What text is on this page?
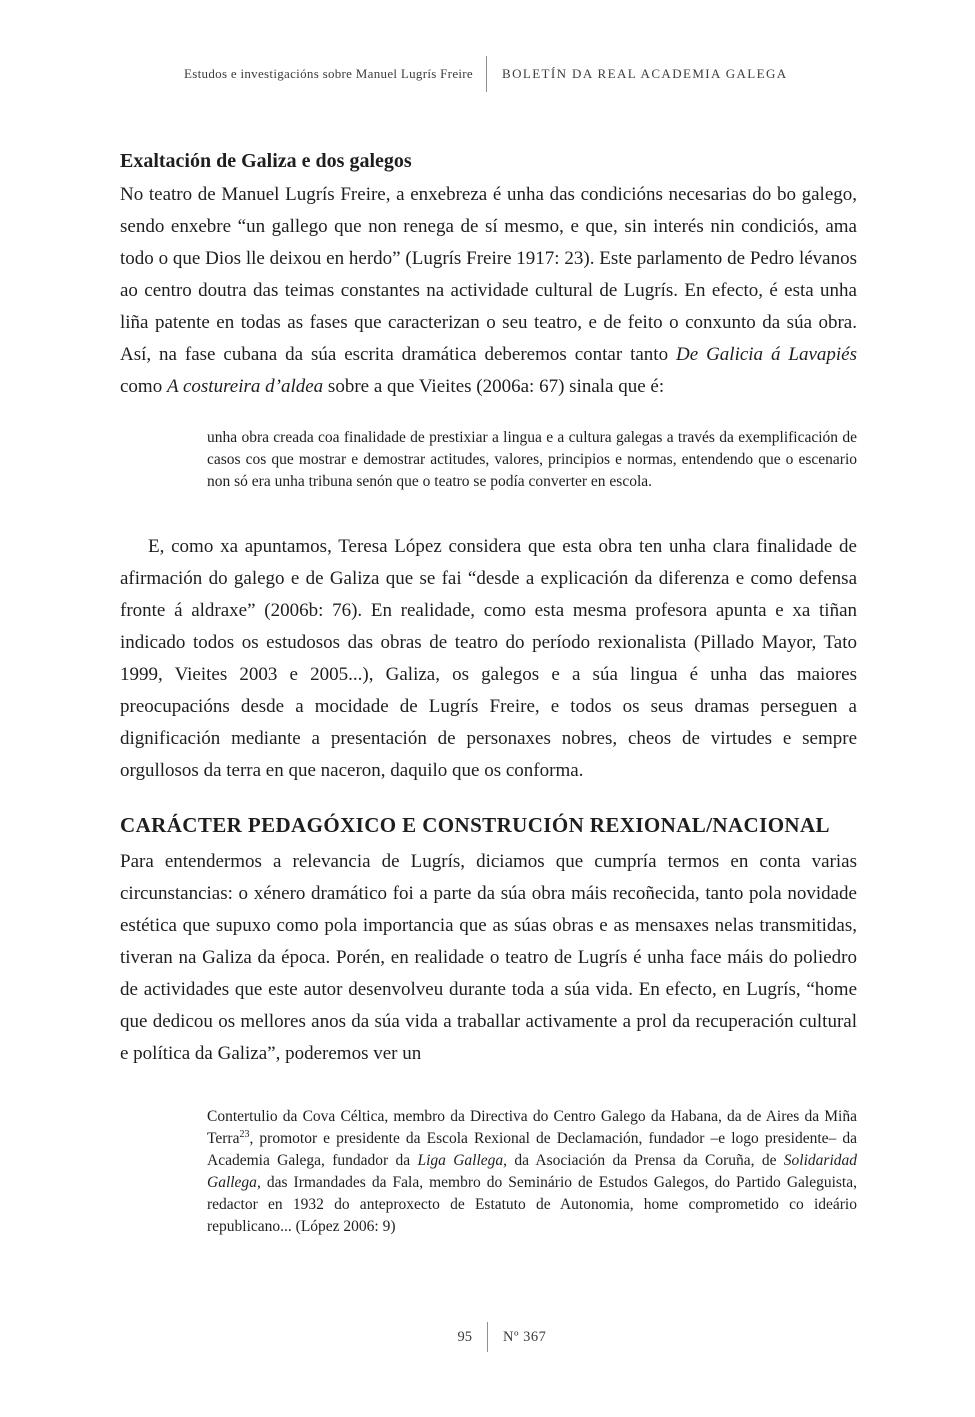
Estudos e investigacións sobre Manuel Lugrís Freire	BOLETÍN DA REAL ACADEMIA GALEGA
Exaltación de Galiza e dos galegos

No teatro de Manuel Lugrís Freire, a enxebreza é unha das condicións necesarias do bo galego, sendo enxebre “un gallego que non renega de sí mesmo, e que, sin interés nin condiciós, ama todo o que Dios lle deixou en herdo” (Lugrís Freire 1917: 23). Este parlamento de Pedro lévanos ao centro doutra das teimas constantes na actividade cultural de Lugrís. En efecto, é esta unha liña patente en todas as fases que caracterizan o seu teatro, e de feito o conxunto da súa obra. Así, na fase cubana da súa escrita dramática deberemos contar tanto De Galicia á Lavapiés como A costureira d’aldea sobre a que Vieites (2006a: 67) sinala que é:

unha obra creada coa finalidade de prestixiar a lingua e a cultura galegas a través da exemplificación de casos cos que mostrar e demostrar actitudes, valores, principios e normas, entendendo que o escenario non só era unha tribuna senón que o teatro se podía converter en escola.

E, como xa apuntamos, Teresa López considera que esta obra ten unha clara finalidade de afirmación do galego e de Galiza que se fai “desde a explicación da diferenza e como defensa fronte á aldraxe” (2006b: 76). En realidade, como esta mesma profesora apunta e xa tiñan indicado todos os estudosos das obras de teatro do período rexionalista (Pillado Mayor, Tato 1999, Vieites 2003 e 2005...), Galiza, os galegos e a súa lingua é unha das maiores preocupacións desde a mocidade de Lugrís Freire, e todos os seus dramas perseguen a dignificación mediante a presentación de personaxes nobres, cheos de virtudes e sempre orgullosos da terra en que naceron, daquilo que os conforma.

CARÁCTER PEDAGÓXICO E CONSTRUCIÓN REXIONAL/NACIONAL

Para entendermos a relevancia de Lugrís, diciamos que cumpría termos en conta varias circunstancias: o xénero dramático foi a parte da súa obra máis recoñecida, tanto pola novidade estética que supuxo como pola importancia que as súas obras e as mensaxes nelas transmitidas, tiveran na Galiza da época. Porén, en realidade o teatro de Lugrís é unha face máis do poliedro de actividades que este autor desenvolveu durante toda a súa vida. En efecto, en Lugrís, “home que dedicou os mellores anos da súa vida a traballar activamente a prol da recuperación cultural e política da Galiza”, poderemos ver un

Contertulio da Cova Céltica, membro da Directiva do Centro Galego da Habana, da de Aires da Miña Terra$^{23}$, promotor e presidente da Escola Rexional de Declamación, fundador –e logo presidente– da Academia Galega, fundador da Liga Gallega, da Asociación da Prensa da Coruña, de Solidaridad Gallega, das Irmandades da Fala, membro do Seminário de Estudos Galegos, do Partido Galeguista, redactor en 1932 do anteproxecto de Estatuto de Autonomia, home comprometido co ideário republicano... (López 2006: 9)
95	Nº 367
